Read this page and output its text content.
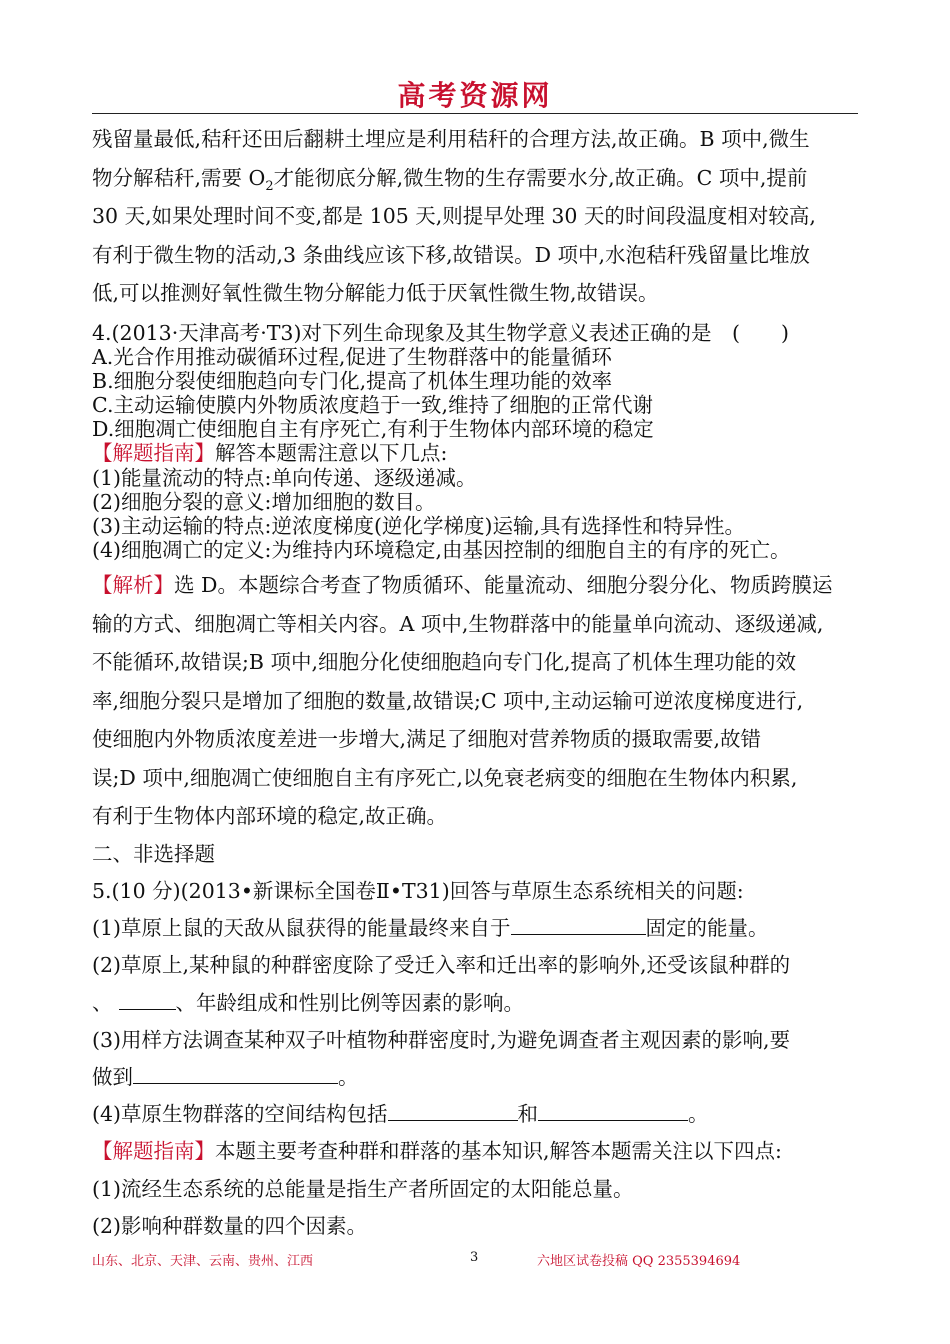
高考资源网
残留量最低,秸秆还田后翻耕土埋应是利用秸秆的合理方法,故正确。B 项中,微生
物分解秸秆,需要 $O_2$才能彻底分解,微生物的生存需要水分,故正确。C 项中,提前
30 天,如果处理时间不变,都是 105 天,则提早处理 30 天的时间段温度相对较高,
有利于微生物的活动,3 条曲线应该下移,故错误。D 项中,水泡秸秆残留量比堆放
低,可以推测好氧性微生物分解能力低于厌氧性微生物,故错误。
4.(2013·天津高考·T3)对下列生命现象及其生物学意义表述正确的是　(　　)
A.光合作用推动碳循环过程,促进了生物群落中的能量循环
B.细胞分裂使细胞趋向专门化,提高了机体生理功能的效率
C.主动运输使膜内外物质浓度趋于一致,维持了细胞的正常代谢
D.细胞凋亡使细胞自主有序死亡,有利于生物体内部环境的稳定
【解题指南】解答本题需注意以下几点:
(1)能量流动的特点:单向传递、逐级递减。
(2)细胞分裂的意义:增加细胞的数目。
(3)主动运输的特点:逆浓度梯度(逆化学梯度)运输,具有选择性和特异性。
(4)细胞凋亡的定义:为维持内环境稳定,由基因控制的细胞自主的有序的死亡。
【解析】选 D。本题综合考查了物质循环、能量流动、细胞分裂分化、物质跨膜运
输的方式、细胞凋亡等相关内容。A 项中,生物群落中的能量单向流动、逐级递减,
不能循环,故错误;B 项中,细胞分化使细胞趋向专门化,提高了机体生理功能的效
率,细胞分裂只是增加了细胞的数量,故错误;C 项中,主动运输可逆浓度梯度进行,
使细胞内外物质浓度差进一步增大,满足了细胞对营养物质的摄取需要,故错
误;D 项中,细胞凋亡使细胞自主有序死亡,以免衰老病变的细胞在生物体内积累,
有利于生物体内部环境的稳定,故正确。
二、非选择题
5.(10 分)(2013•新课标全国卷Ⅱ•T31)回答与草原生态系统相关的问题:
(1)草原上鼠的天敌从鼠获得的能量最终来自于	固定的能量。
(2)草原上,某种鼠的种群密度除了受迁入率和迁出率的影响外,还受该鼠种群的
、	、年龄组成和性别比例等因素的影响。
(3)用样方法调查某种双子叶植物种群密度时,为避免调查者主观因素的影响,要
做到	。
(4)草原生物群落的空间结构包括	和	。
【解题指南】本题主要考查种群和群落的基本知识,解答本题需关注以下四点:
(1)流经生态系统的总能量是指生产者所固定的太阳能总量。
(2)影响种群数量的四个因素。
山东、北京、天津、云南、贵州、江西	3	六地区试卷投稿 QQ 2355394694
